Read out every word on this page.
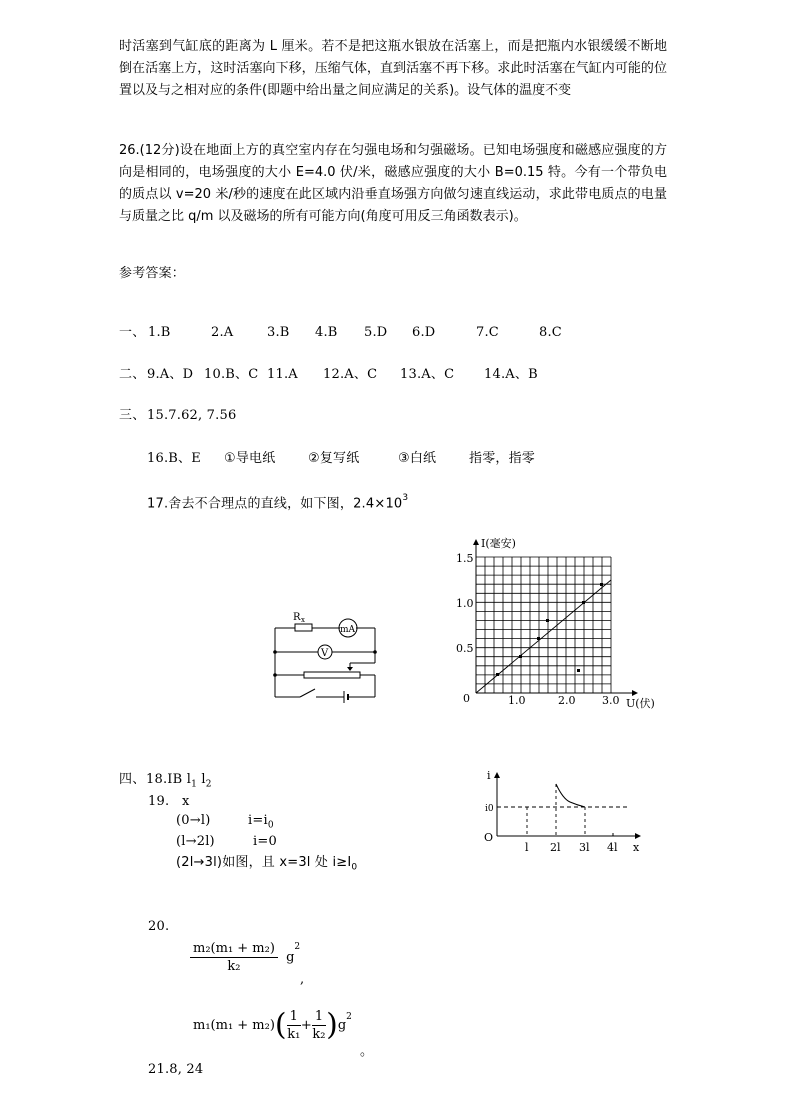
时活塞到气缸底的距离为 L 厘米。若不是把这瓶水银放在活塞上，而是把瓶内水银缓缓不断地倒在活塞上方，这时活塞向下移，压缩气体，直到活塞不再下移。求此时活塞在气缸内可能的位置以及与之相对应的条件(即题中给出量之间应满足的关系)。设气体的温度不变
26.(12分)设在地面上方的真空室内存在匀强电场和匀强磁场。已知电场强度和磁感应强度的方向是相同的，电场强度的大小 E=4.0 伏/米，磁感应强度的大小 B=0.15 特。今有一个带负电的质点以 v=20 米/秒的速度在此区域内沿垂直场强方向做匀速直线运动，求此带电质点的电量与质量之比 q/m 以及磁场的所有可能方向(角度可用反三角函数表示)。
参考答案：
一、 1.B	2.A	3.B 4.B 5.D 6.D	7.C	8.C
二、 9.A、D 10.B、C 11.A 12.A、C 13.A、C 14.A、B
三、 15.7.62, 7.56
16.B、E ①导电纸	②复写纸	③白纸	指零，指零
17.舍去不合理点的直线，如下图，$2.4\times 10^3$
R x
mA
V
I(毫安)
1.5
1.0
0.5
0	1.0	2.0 3.0 U(伏)
四、 18.IB $l_1$ $l_2$
19. x
(0→l)	$i=i_0$
(l→2l)	i=0
(2l→3l)如图，且 x=3l 处 $i\ge I_0$
i
i0
O
l 2l 3l 4l x
20.
$\frac{\text{m₂(m₁ + m₂)}}{\text{k₂}} g^2$
,
$m_1(m_1 + m_2)( \frac{1}{\text{k₁}} + \frac{1}{\text{k₂}} )g^2$
。
21.8, 24
